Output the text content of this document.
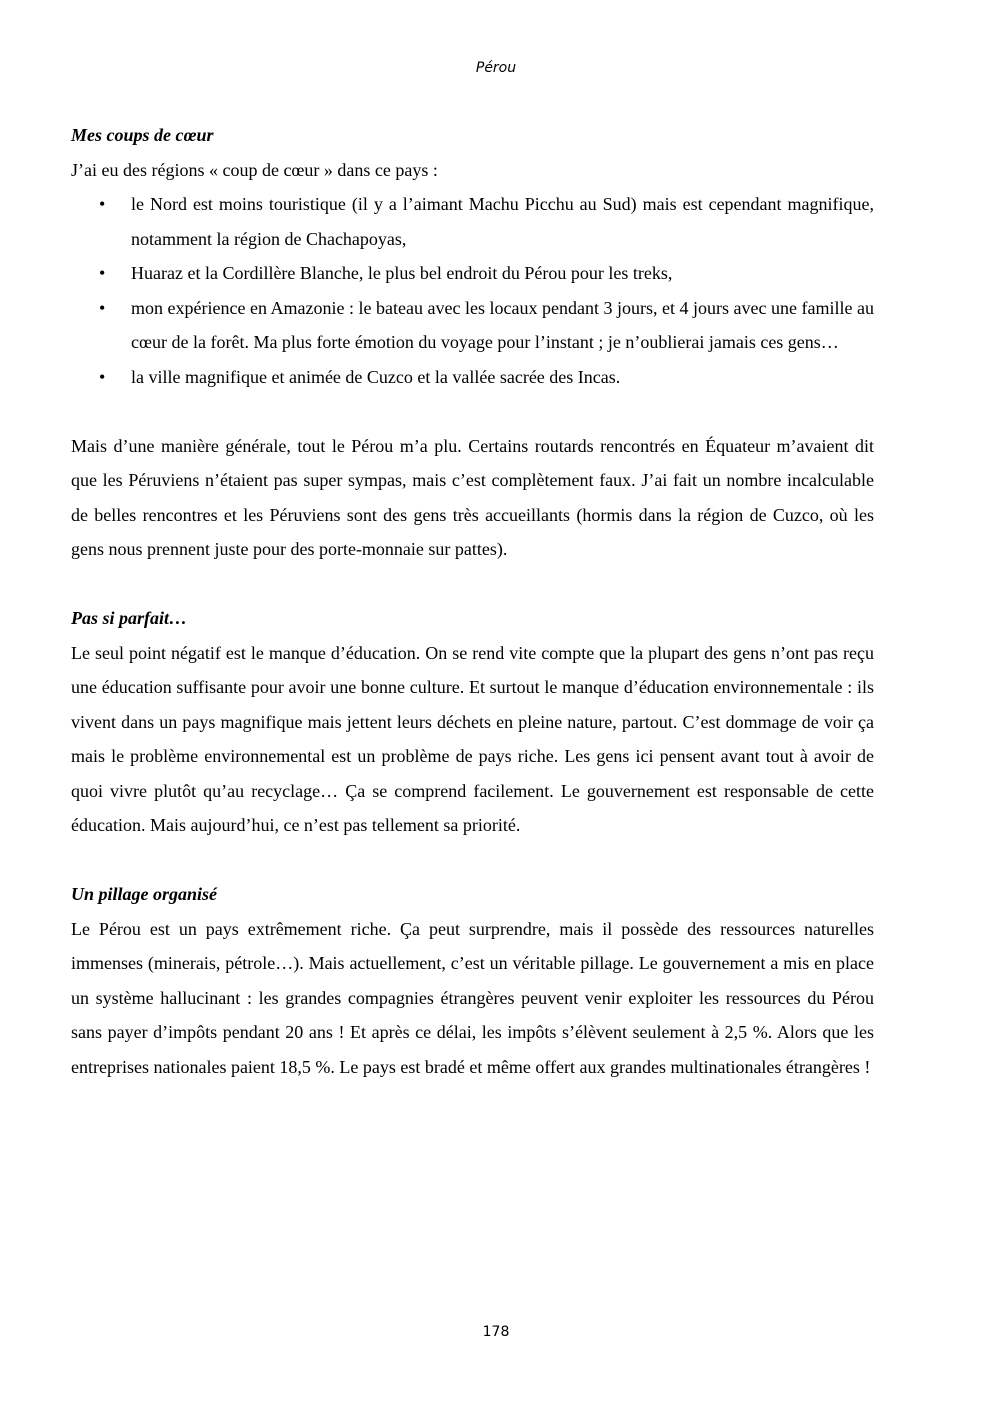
Pérou
Mes coups de cœur

J’ai eu des régions « coup de cœur » dans ce pays :

• le Nord est moins touristique (il y a l’aimant Machu Picchu au Sud) mais est cependant magnifique, notamment la région de Chachapoyas,
• Huaraz et la Cordillère Blanche, le plus bel endroit du Pérou pour les treks,
• mon expérience en Amazonie : le bateau avec les locaux pendant 3 jours, et 4 jours avec une famille au cœur de la forêt. Ma plus forte émotion du voyage pour l’instant ; je n’oublierai jamais ces gens…
• la ville magnifique et animée de Cuzco et la vallée sacrée des Incas.

Mais d’une manière générale, tout le Pérou m’a plu. Certains routards rencontrés en Équateur m’avaient dit que les Péruviens n’étaient pas super sympas, mais c’est complètement faux. J’ai fait un nombre incalculable de belles rencontres et les Péruviens sont des gens très accueillants (hormis dans la région de Cuzco, où les gens nous prennent juste pour des porte-monnaie sur pattes).

Pas si parfait…

Le seul point négatif est le manque d’éducation. On se rend vite compte que la plupart des gens n’ont pas reçu une éducation suffisante pour avoir une bonne culture. Et surtout le manque d’éducation environnementale : ils vivent dans un pays magnifique mais jettent leurs déchets en pleine nature, partout. C’est dommage de voir ça mais le problème environnemental est un problème de pays riche. Les gens ici pensent avant tout à avoir de quoi vivre plutôt qu’au recyclage… Ça se comprend facilement. Le gouvernement est responsable de cette éducation. Mais aujourd’hui, ce n’est pas tellement sa priorité.

Un pillage organisé

Le Pérou est un pays extrêmement riche. Ça peut surprendre, mais il possède des ressources naturelles immenses (minerais, pétrole…). Mais actuellement, c’est un véritable pillage. Le gouvernement a mis en place un système hallucinant : les grandes compagnies étrangères peuvent venir exploiter les ressources du Pérou sans payer d’impôts pendant 20 ans ! Et après ce délai, les impôts s’élèvent seulement à 2,5 %. Alors que les entreprises nationales paient 18,5 %. Le pays est bradé et même offert aux grandes multinationales étrangères !

178
